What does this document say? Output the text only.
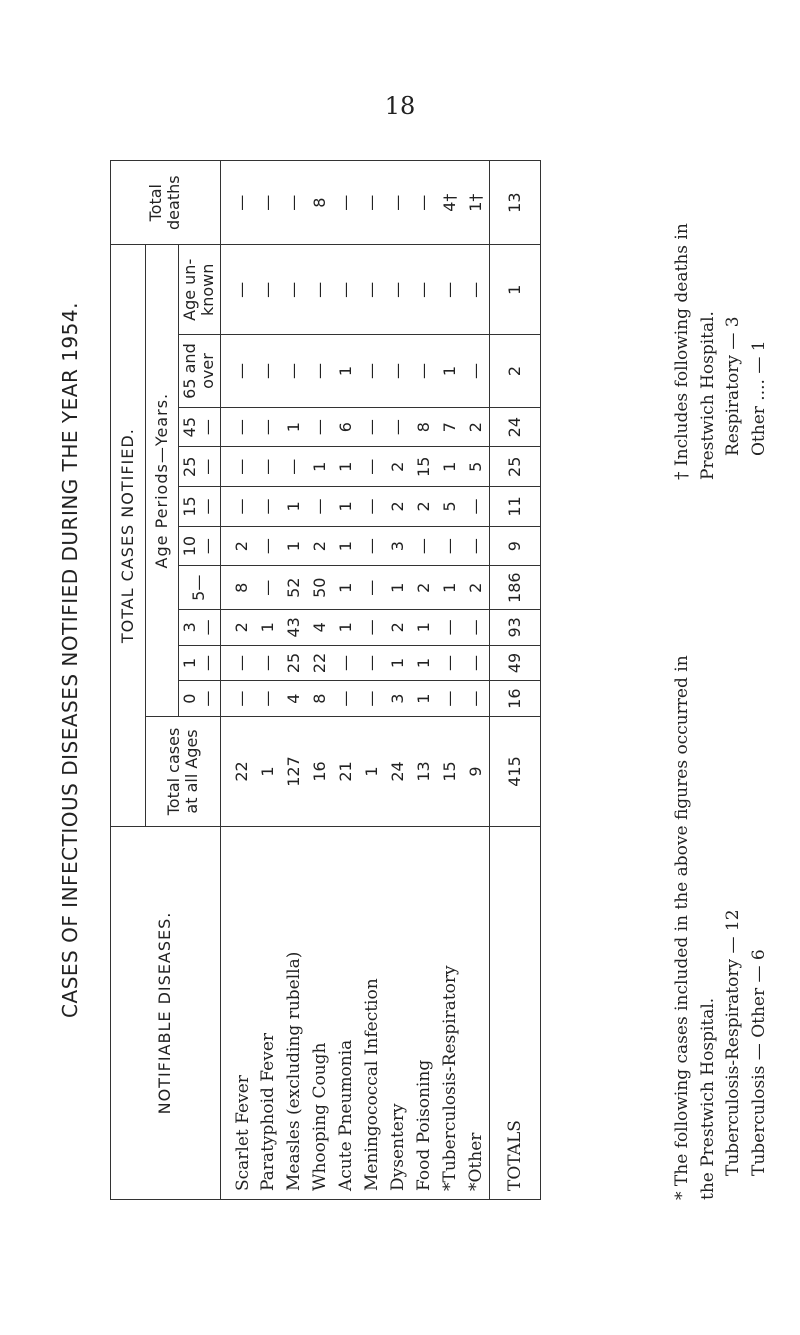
18
CASES OF INFECTIOUS DISEASES NOTIFIED DURING THE YEAR 1954.	NOTIFIABLE DISEASES.	TOTAL CASES NOTIFIED.											Total deaths
	Total cases at all Ages	Age Periods—Years.										
		0—	1—	3—	5—	10—	15—	25—	45—	65 and over	Age un-known	
Scarlet Fever	22	—	—	2	8	2	—	—	—	—	—	—
Paratyphoid Fever	1	—	—	1	—	—	—	—	—	—	—	—
Measles (excluding rubella)	127	4	25	43	52	1	1	—	1	—	—	—
Whooping Cough	16	8	22	4	50	2	—	1	—	—	—	8
Acute Pneumonia	21	—	—	1	1	1	1	1	6	1	—	—
Meningococcal Infection	1	—	—	—	—	—	—	—	—	—	—	—
Dysentery	24	3	1	2	1	3	2	2	—	—	—	—
Food Poisoning	13	1	1	1	2	—	2	15	8	—	—	—
*Tuberculosis-Respiratory	15	—	—	—	1	—	5	1	7	1	—	4†
*Other	9	—	—	—	2	—	—	5	2	—	—	1†
TOTALS	415	16	49	93	186	9	11	25	24	2	1	13

* The following cases included in the above figures occurred in the Prestwich Hospital. Tuberculosis-Respiratory — 12

Tuberculosis — Other — 6

† Includes following deaths in Prestwich Hospital. Respiratory — 3

Other .... — 1
